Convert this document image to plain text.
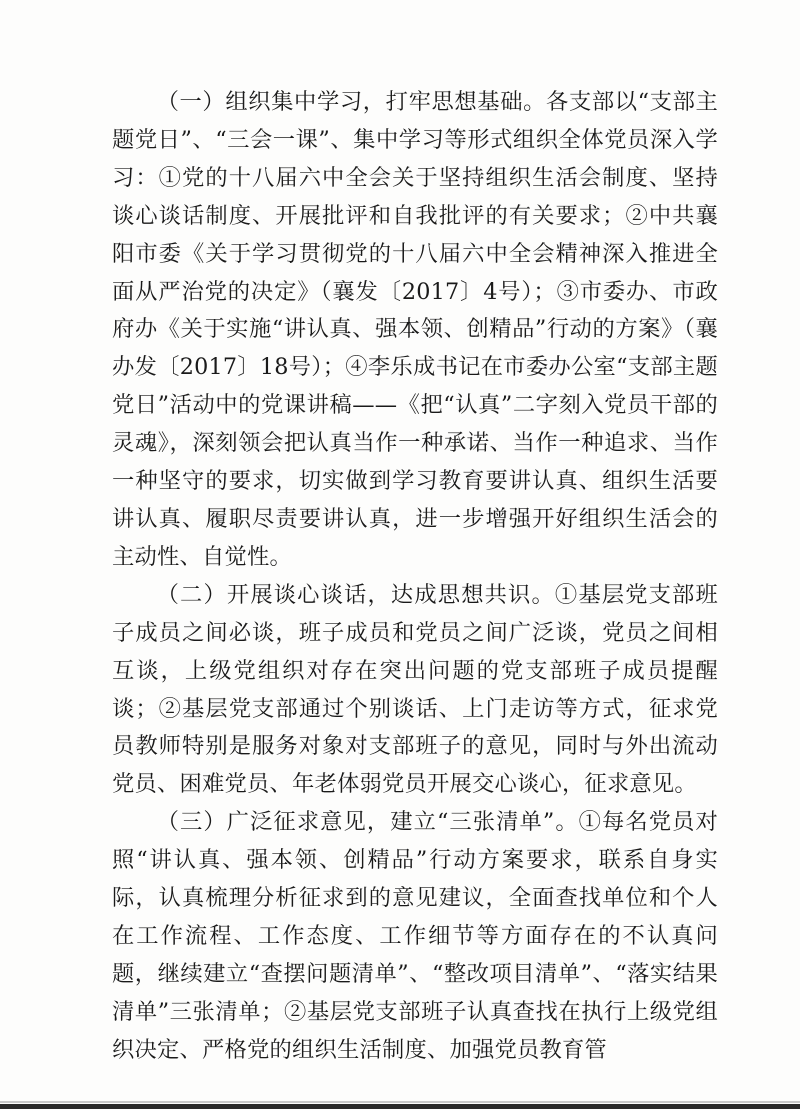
（一）组织集中学习，打牢思想基础。各支部以“支部主题党日”、“三会一课”、集中学习等形式组织全体党员深入学习：①党的十八届六中全会关于坚持组织生活会制度、坚持谈心谈话制度、开展批评和自我批评的有关要求；②中共襄阳市委《关于学习贯彻党的十八届六中全会精神深入推进全面从严治党的决定》（襄发〔2017〕4号）；③市委办、市政府办《关于实施“讲认真、强本领、创精品”行动的方案》（襄办发〔2017〕18号）；④李乐成书记在市委办公室“支部主题党日”活动中的党课讲稿——《把“认真”二字刻入党员干部的灵魂》，深刻领会把认真当作一种承诺、当作一种追求、当作一种坚守的要求，切实做到学习教育要讲认真、组织生活要讲认真、履职尽责要讲认真，进一步增强开好组织生活会的主动性、自觉性。

（二）开展谈心谈话，达成思想共识。①基层党支部班子成员之间必谈，班子成员和党员之间广泛谈，党员之间相互谈，上级党组织对存在突出问题的党支部班子成员提醒谈；②基层党支部通过个别谈话、上门走访等方式，征求党员教师特别是服务对象对支部班子的意见，同时与外出流动党员、困难党员、年老体弱党员开展交心谈心，征求意见。

（三）广泛征求意见，建立“三张清单”。①每名党员对照“讲认真、强本领、创精品”行动方案要求，联系自身实际，认真梳理分析征求到的意见建议，全面查找单位和个人在工作流程、工作态度、工作细节等方面存在的不认真问题，继续建立“查摆问题清单”、“整改项目清单”、“落实结果清单”三张清单；②基层党支部班子认真查找在执行上级党组织决定、严格党的组织生活制度、加强党员教育管
